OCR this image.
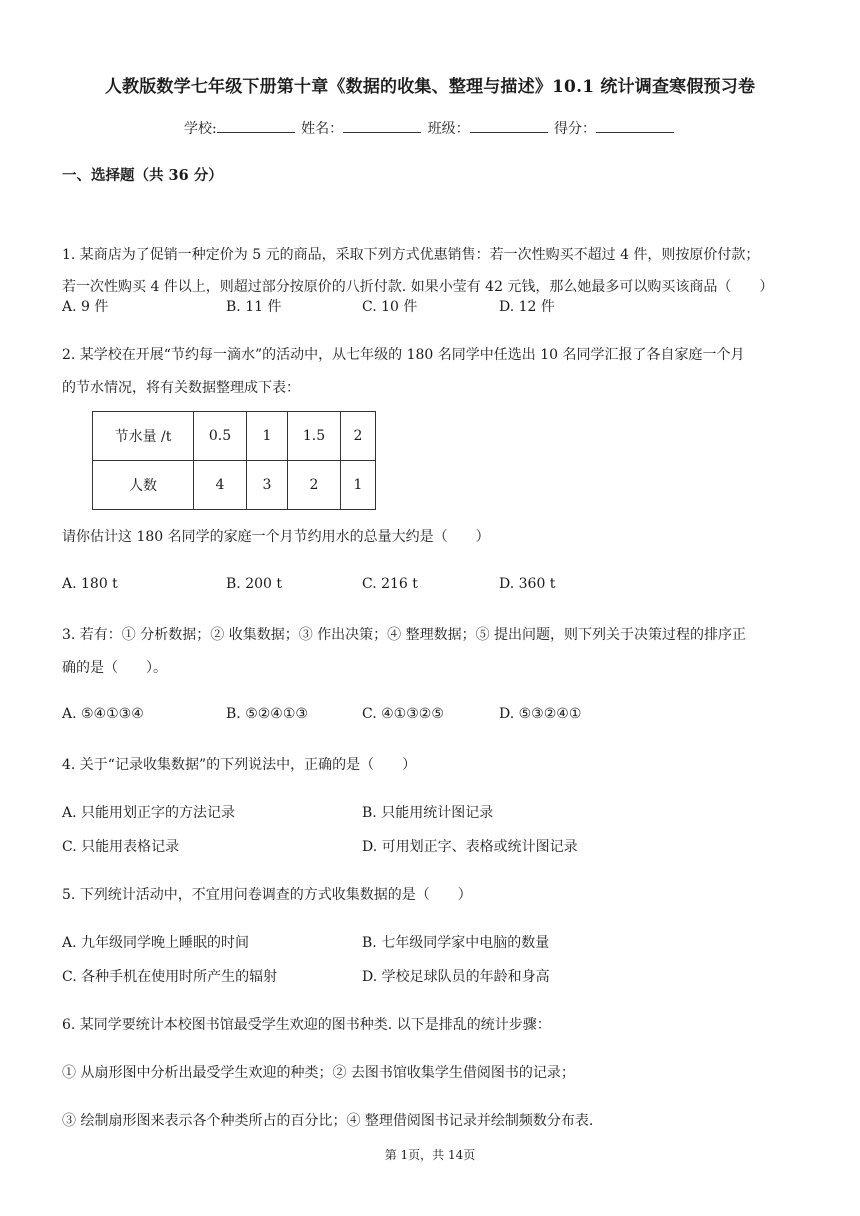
人教版数学七年级下册第十章《数据的收集、整理与描述》10.1 统计调查寒假预习卷
学校:	姓名：	班级：	得分：
一、选择题（共 36 分）
1. 某商店为了促销一种定价为 5 元的商品，采取下列方式优惠销售：若一次性购买不超过 4 件，则按原价付款；
若一次性购买 4 件以上，则超过部分按原价的八折付款. 如果小莹有 42 元钱，那么她最多可以购买该商品（　　）
A. 9 件	B. 11 件	C. 10 件	D. 12 件
2. 某学校在开展“节约每一滴水”的活动中，从七年级的 180 名同学中任选出 10 名同学汇报了各自家庭一个月
的节水情况，将有关数据整理成下表：
节水量 /t	0.5	1	1.5	2
人数	4	3	2	1
请你估计这 180 名同学的家庭一个月节约用水的总量大约是（　　）
A. 180 t	B. 200 t	C. 216 t	D. 360 t
3. 若有：① 分析数据；② 收集数据；③ 作出决策；④ 整理数据；⑤ 提出问题，则下列关于决策过程的排序正
确的是（　　）。
A. ⑤④①③④	B. ⑤②④①③	C. ④①③②⑤	D. ⑤③②④①
4. 关于“记录收集数据”的下列说法中，正确的是（　　）
A. 只能用划正字的方法记录	B. 只能用统计图记录
C. 只能用表格记录	D. 可用划正字、表格或统计图记录
5. 下列统计活动中，不宜用问卷调查的方式收集数据的是（　　）
A. 九年级同学晚上睡眠的时间	B. 七年级同学家中电脑的数量
C. 各种手机在使用时所产生的辐射	D. 学校足球队员的年龄和身高
6. 某同学要统计本校图书馆最受学生欢迎的图书种类. 以下是排乱的统计步骤：
① 从扇形图中分析出最受学生欢迎的种类；② 去图书馆收集学生借阅图书的记录；
③ 绘制扇形图来表示各个种类所占的百分比；④ 整理借阅图书记录并绘制频数分布表.
第 1页，共 14页
